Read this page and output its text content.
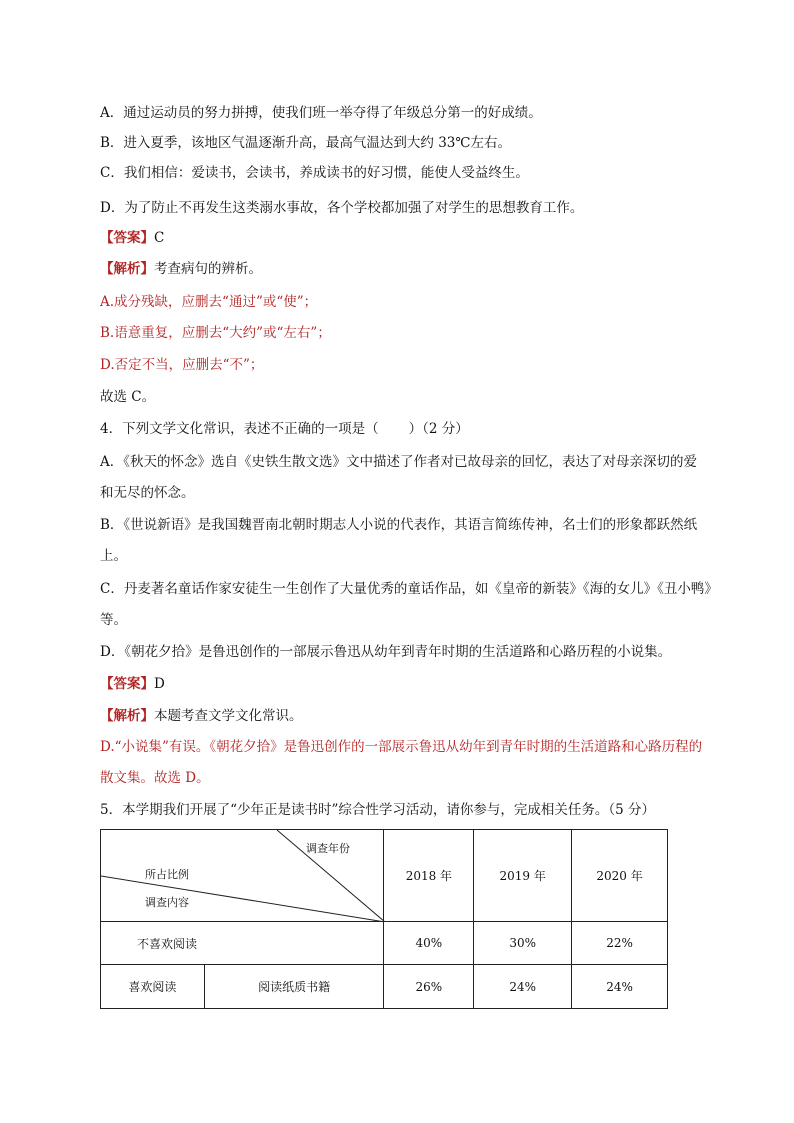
A．通过运动员的努力拼搏，使我们班一举夺得了年级总分第一的好成绩。
B．进入夏季，该地区气温逐渐升高，最高气温达到大约 33℃左右。
C．我们相信：爱读书，会读书，养成读书的好习惯，能使人受益终生。
D．为了防止不再发生这类溺水事故，各个学校都加强了对学生的思想教育工作。
【答案】C
【解析】考查病句的辨析。
A.成分残缺，应删去“通过”或“使”；
B.语意重复，应删去“大约”或“左右”；
D.否定不当，应删去“不”；
故选 C。
4．下列文学文化常识，表述不正确的一项是（ ）（2 分）
A．《秋天的怀念》选自《史铁生散文选》文中描述了作者对已故母亲的回忆，表达了对母亲深切的爱
和无尽的怀念。
B．《世说新语》是我国魏晋南北朝时期志人小说的代表作，其语言简练传神，名士们的形象都跃然纸
上。
C．丹麦著名童话作家安徒生一生创作了大量优秀的童话作品，如《皇帝的新装》《海的女儿》《丑小鸭》
等。
D．《朝花夕拾》是鲁迅创作的一部展示鲁迅从幼年到青年时期的生活道路和心路历程的小说集。
【答案】D
【解析】本题考查文学文化常识。
D.“小说集”有误。《朝花夕拾》是鲁迅创作的一部展示鲁迅从幼年到青年时期的生活道路和心路历程的
散文集。故选 D。
5．本学期我们开展了“少年正是读书时”综合性学习活动，请你参与，完成相关任务。（5 分）
调查年份
所占比例
调查内容		2018 年	2019 年	2020 年
不喜欢阅读		40%	30%	22%
喜欢阅读	阅读纸质书籍	26%	24%	24%
